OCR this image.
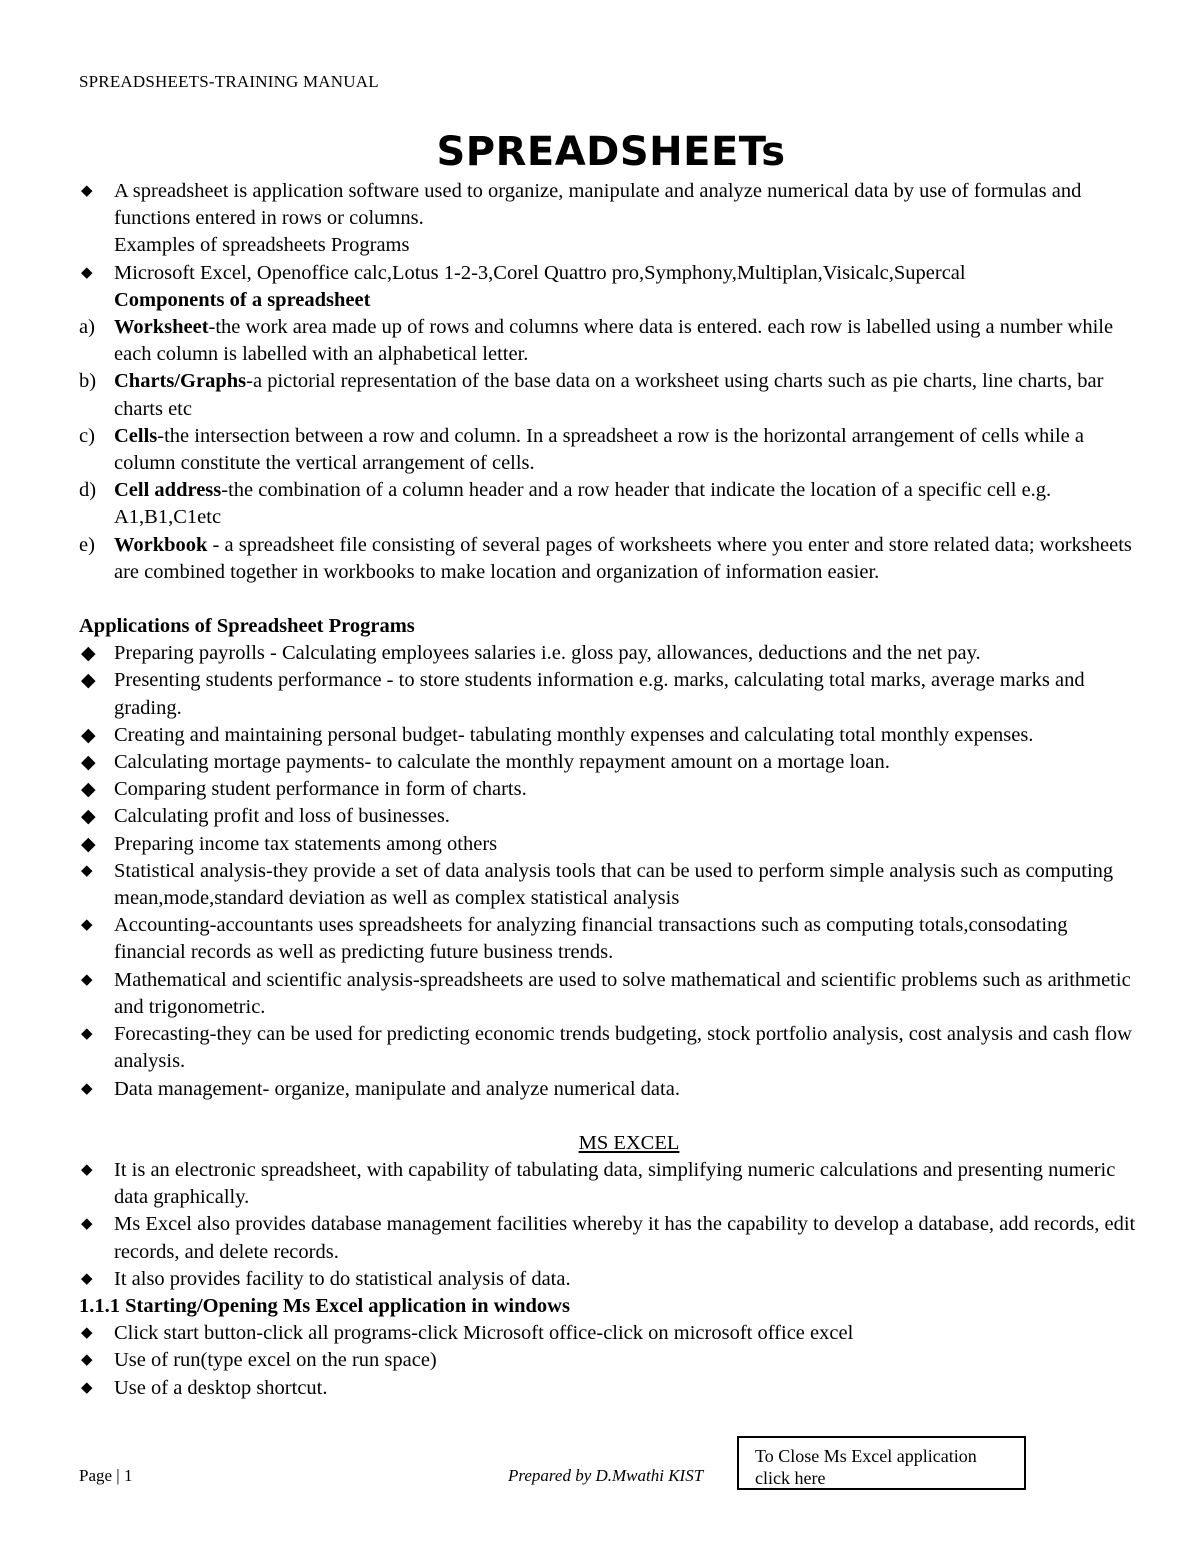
SPREADSHEETS-TRAINING MANUAL
SPREADSHEETs
◆	A spreadsheet is application software used to organize, manipulate and analyze numerical data by use of formulas and functions entered in rows or columns.
Examples of spreadsheets Programs
◆	Microsoft Excel, Openoffice calc,Lotus 1-2-3,Corel Quattro pro,Symphony,Multiplan,Visicalc,Supercal
Components of a spreadsheet
a) Worksheet-the work area made up of rows and columns where data is entered. each row is labelled using a number while each column is labelled with an alphabetical letter.
b) Charts/Graphs-a pictorial representation of the base data on a worksheet using charts such as pie charts, line charts, bar charts etc
c) Cells-the intersection between a row and column. In a spreadsheet a row is the horizontal arrangement of cells while a column constitute the vertical arrangement of cells.
d) Cell address-the combination of a column header and a row header that indicate the location of a specific cell e.g. A1,B1,C1etc
e) Workbook - a spreadsheet file consisting of several pages of worksheets where you enter and store related data; worksheets are combined together in workbooks to make location and organization of information easier.
Applications of Spreadsheet Programs
◆ Preparing payrolls - Calculating employees salaries i.e. gloss pay, allowances, deductions and the net pay.
◆ Presenting students performance - to store students information e.g. marks, calculating total marks, average marks and grading.
◆ Creating and maintaining personal budget- tabulating monthly expenses and calculating total monthly expenses.
◆ Calculating mortage payments- to calculate the monthly repayment amount on a mortage loan.
◆ Comparing student performance in form of charts.
◆ Calculating profit and loss of businesses.
◆ Preparing income tax statements among others
◆	Statistical analysis-they provide a set of data analysis tools that can be used to perform simple analysis such as computing mean,mode,standard deviation as well as complex statistical analysis
◆	Accounting-accountants uses spreadsheets for analyzing financial transactions such as computing totals,consodating financial records as well as predicting future business trends.
◆	Mathematical and scientific analysis-spreadsheets are used to solve mathematical and scientific problems such as arithmetic and trigonometric.
◆	Forecasting-they can be used for predicting economic trends budgeting, stock portfolio analysis, cost analysis and cash flow analysis.
◆	Data management- organize, manipulate and analyze numerical data.
MS EXCEL
◆	It is an electronic spreadsheet, with capability of tabulating data, simplifying numeric calculations and presenting numeric data graphically.
◆	Ms Excel also provides database management facilities whereby it has the capability to develop a database, add records, edit records, and delete records.
◆	It also provides facility to do statistical analysis of data.
1.1.1 Starting/Opening Ms Excel application in windows
◆	Click start button-click all programs-click Microsoft office-click on microsoft office excel
◆	Use of run(type excel on the run space)
◆	Use of a desktop shortcut.
Page | 1	Prepared by D.Mwathi KIST
To Close Ms Excel application
click here
